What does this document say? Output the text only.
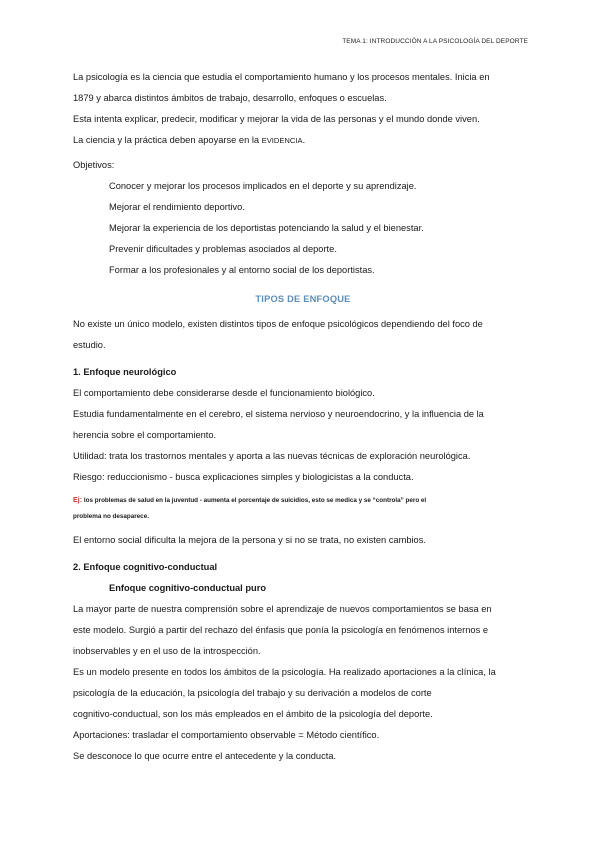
TEMA 1: INTRODUCCIÓN A LA PSICOLOGÍA DEL DEPORTE
La psicología es la ciencia que estudia el comportamiento humano y los procesos mentales. Inicia en
1879 y abarca distintos ámbitos de trabajo, desarrollo, enfoques o escuelas.
Esta intenta explicar, predecir, modificar y mejorar la vida de las personas y el mundo donde viven.
La ciencia y la práctica deben apoyarse en la EVIDENCIA.
Objetivos:
Conocer y mejorar los procesos implicados en el deporte y su aprendizaje.
Mejorar el rendimiento deportivo.
Mejorar la experiencia de los deportistas potenciando la salud y el bienestar.
Prevenir dificultades y problemas asociados al deporte.
Formar a los profesionales y al entorno social de los deportistas.
TIPOS DE ENFOQUE
No existe un único modelo, existen distintos tipos de enfoque psicológicos dependiendo del foco de
estudio.
1. Enfoque neurológico
El comportamiento debe considerarse desde el funcionamiento biológico.
Estudia fundamentalmente en el cerebro, el sistema nervioso y neuroendocrino, y la influencia de la
herencia sobre el comportamiento.
Utilidad: trata los trastornos mentales y aporta a las nuevas técnicas de exploración neurológica.
Riesgo: reduccionismo - busca explicaciones simples y biologicistas a la conducta.
Ej: los problemas de salud en la juventud - aumenta el porcentaje de suicidios, esto se medica y se “controla” pero el
problema no desaparece.
El entorno social dificulta la mejora de la persona y si no se trata, no existen cambios.
2. Enfoque cognitivo-conductual
Enfoque cognitivo-conductual puro
La mayor parte de nuestra comprensión sobre el aprendizaje de nuevos comportamientos se basa en
este modelo. Surgió a partir del rechazo del énfasis que ponía la psicología en fenómenos internos e
inobservables y en el uso de la introspección.
Es un modelo presente en todos los ámbitos de la psicología. Ha realizado aportaciones a la clínica, la
psicología de la educación, la psicología del trabajo y su derivación a modelos de corte
cognitivo-conductual, son los más empleados en el ámbito de la psicología del deporte.
Aportaciones: trasladar el comportamiento observable = Método científico.
Se desconoce lo que ocurre entre el antecedente y la conducta.
